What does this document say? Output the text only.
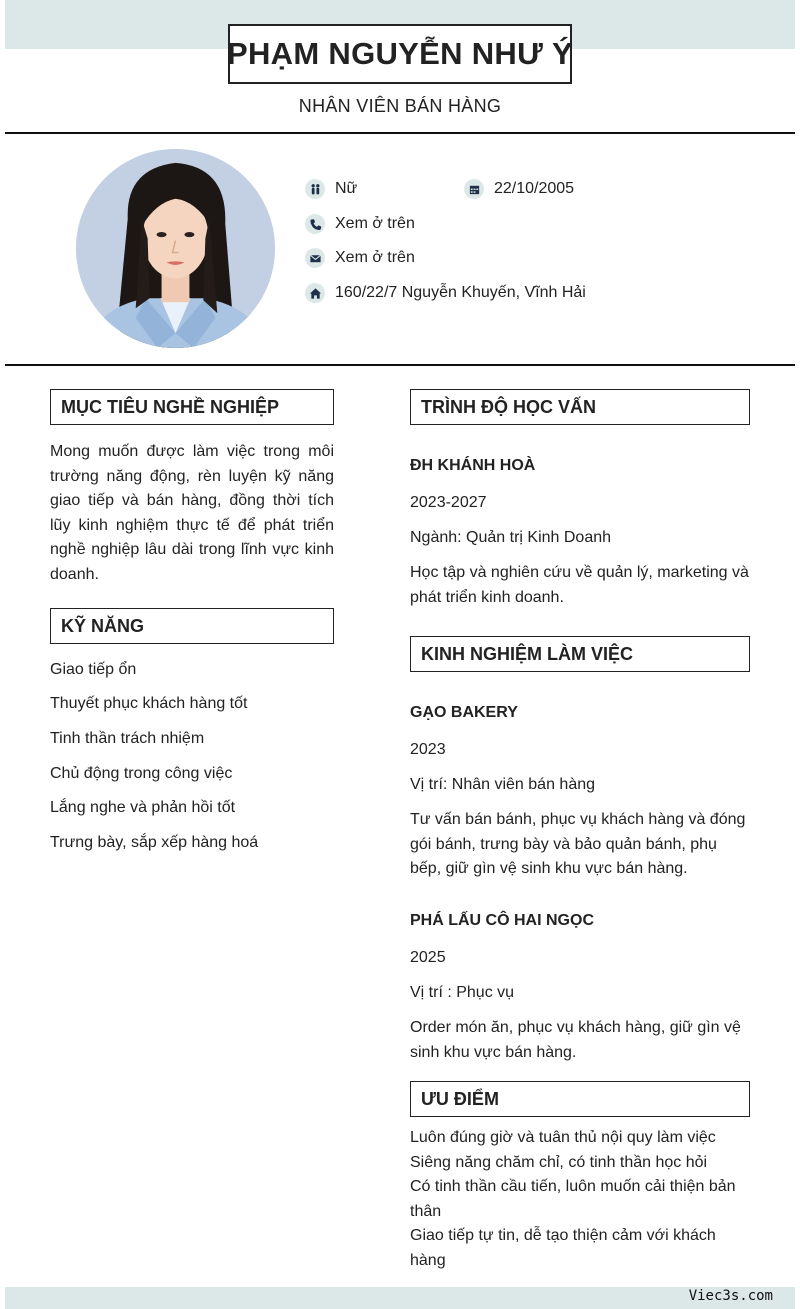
PHẠM NGUYỄN NHƯ Ý
NHÂN VIÊN BÁN HÀNG
Nữ	22/10/2005
Xem ở trên
Xem ở trên
160/22/7 Nguyễn Khuyến, Vĩnh Hải
MỤC TIÊU NGHỀ NGHIỆP
Mong muốn được làm việc trong môi trường năng động, rèn luyện kỹ năng giao tiếp và bán hàng, đồng thời tích lũy kinh nghiệm thực tế để phát triển nghề nghiệp lâu dài trong lĩnh vực kinh doanh.
KỸ NĂNG
Giao tiếp ổn
Thuyết phục khách hàng tốt
Tinh thần trách nhiệm
Chủ động trong công việc
Lắng nghe và phản hồi tốt
Trưng bày, sắp xếp hàng hoá
TRÌNH ĐỘ HỌC VẤN
ĐH KHÁNH HOÀ
2023-2027
Ngành: Quản trị Kinh Doanh
Học tập và nghiên cứu về quản lý, marketing và phát triển kinh doanh.
KINH NGHIỆM LÀM VIỆC
GẠO BAKERY
2023
Vị trí: Nhân viên bán hàng
Tư vấn bán bánh, phục vụ khách hàng và đóng gói bánh, trưng bày và bảo quản bánh, phụ bếp, giữ gìn vệ sinh khu vực bán hàng.
PHÁ LẤU CÔ HAI NGỌC
2025
Vị trí : Phục vụ
Order món ăn, phục vụ khách hàng, giữ gìn vệ sinh khu vực bán hàng.
ƯU ĐIỂM
Luôn đúng giờ và tuân thủ nội quy làm việc
Siêng năng chăm chỉ, có tinh thần học hỏi
Có tinh thần cầu tiến, luôn muốn cải thiện bản thân
Giao tiếp tự tin, dễ tạo thiện cảm với khách hàng
Viec3s.com
